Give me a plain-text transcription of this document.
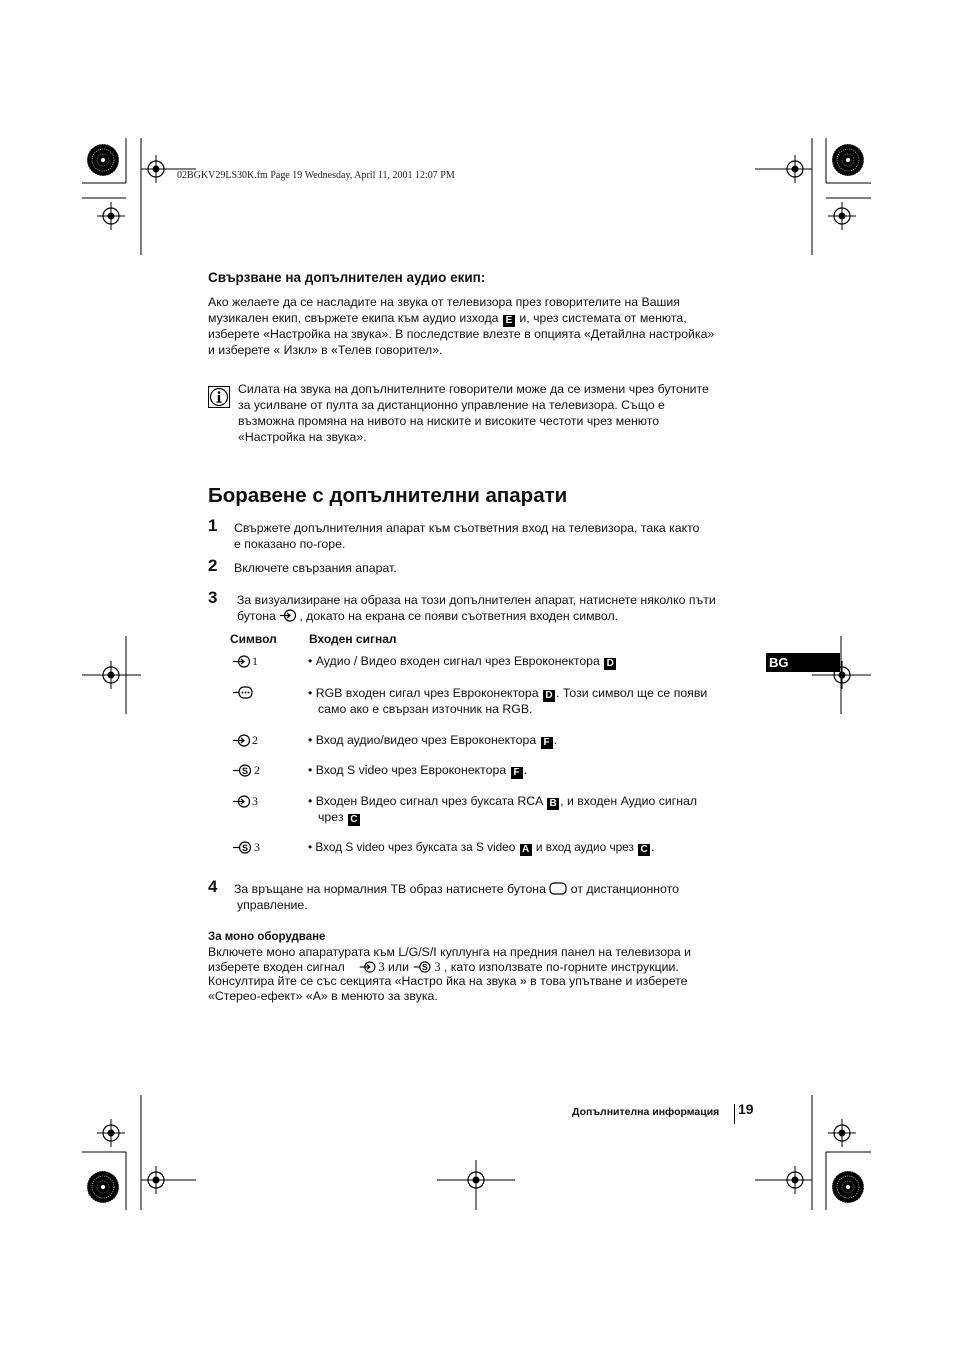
02BGKV29LS30K.fm Page 19 Wednesday, April 11, 2001 12:07 PM
Свързване на допълнителен аудио екип:
Ако желаете да се насладите на звука от телевизора през говорителите на Вашия
музикален екип, свържете екипа към аудио изхода E и, чрез системата от менюта,
изберете «Настройка на звука». В последствие влезте в опцията «Детайлна настройка»
и изберете « Изкл» в «Телев говорител».
Силата на звука на допълнителните говорители може да се измени чрез бутоните
за усилване от пулта за дистанционно управление на телевизора. Също е
възможна промяна на нивото на ниските и високите честоти чрез менюто
«Настройка на звука».
Боравене с допълнителни апарати
1 Свържете допълнителния апарат към съответния вход на телевизора, така както
е показано по-горе.
2 Включете свързания апарат.
3 За визуализиране на образа на този допълнителен апарат, натиснете няколко пъти
бутона , докато на екрана се появи съответния входен символ.
Символ	Входен сигнал
1	• Аудио / Видео входен сигнал чрез Евроконектора D
• RGB входен сигал чрез Евроконектора D . Този символ ще се появи
само ако е свързан източник на RGB.
2	• Вход аудио/видео чрез Евроконектора F .
S 2	• Вход S video чрез Евроконектора F .
3	• Входен Видео сигнал чрез буксата RCA B , и входен Аудио сигнал
чрез C
S 3	• Вход S video чрез буксата за S video A и вход аудио чрез C .
4 За връщане на нормалния ТВ образ натиснете бутона от дистанционното
управление.
За моно оборудване
Включете моно апаратурата към L/G/S/I куплунга на предния панел на телевизора и
изберете входен сигнал	3 или S 3 , като използвате по-горните инструкции.
Консултира йте се със секцията «Настро йка на звука » в това упътване и изберете
«Стерео-ефект» «А» в менюто за звука.
BG
Допълнителна информация 19
